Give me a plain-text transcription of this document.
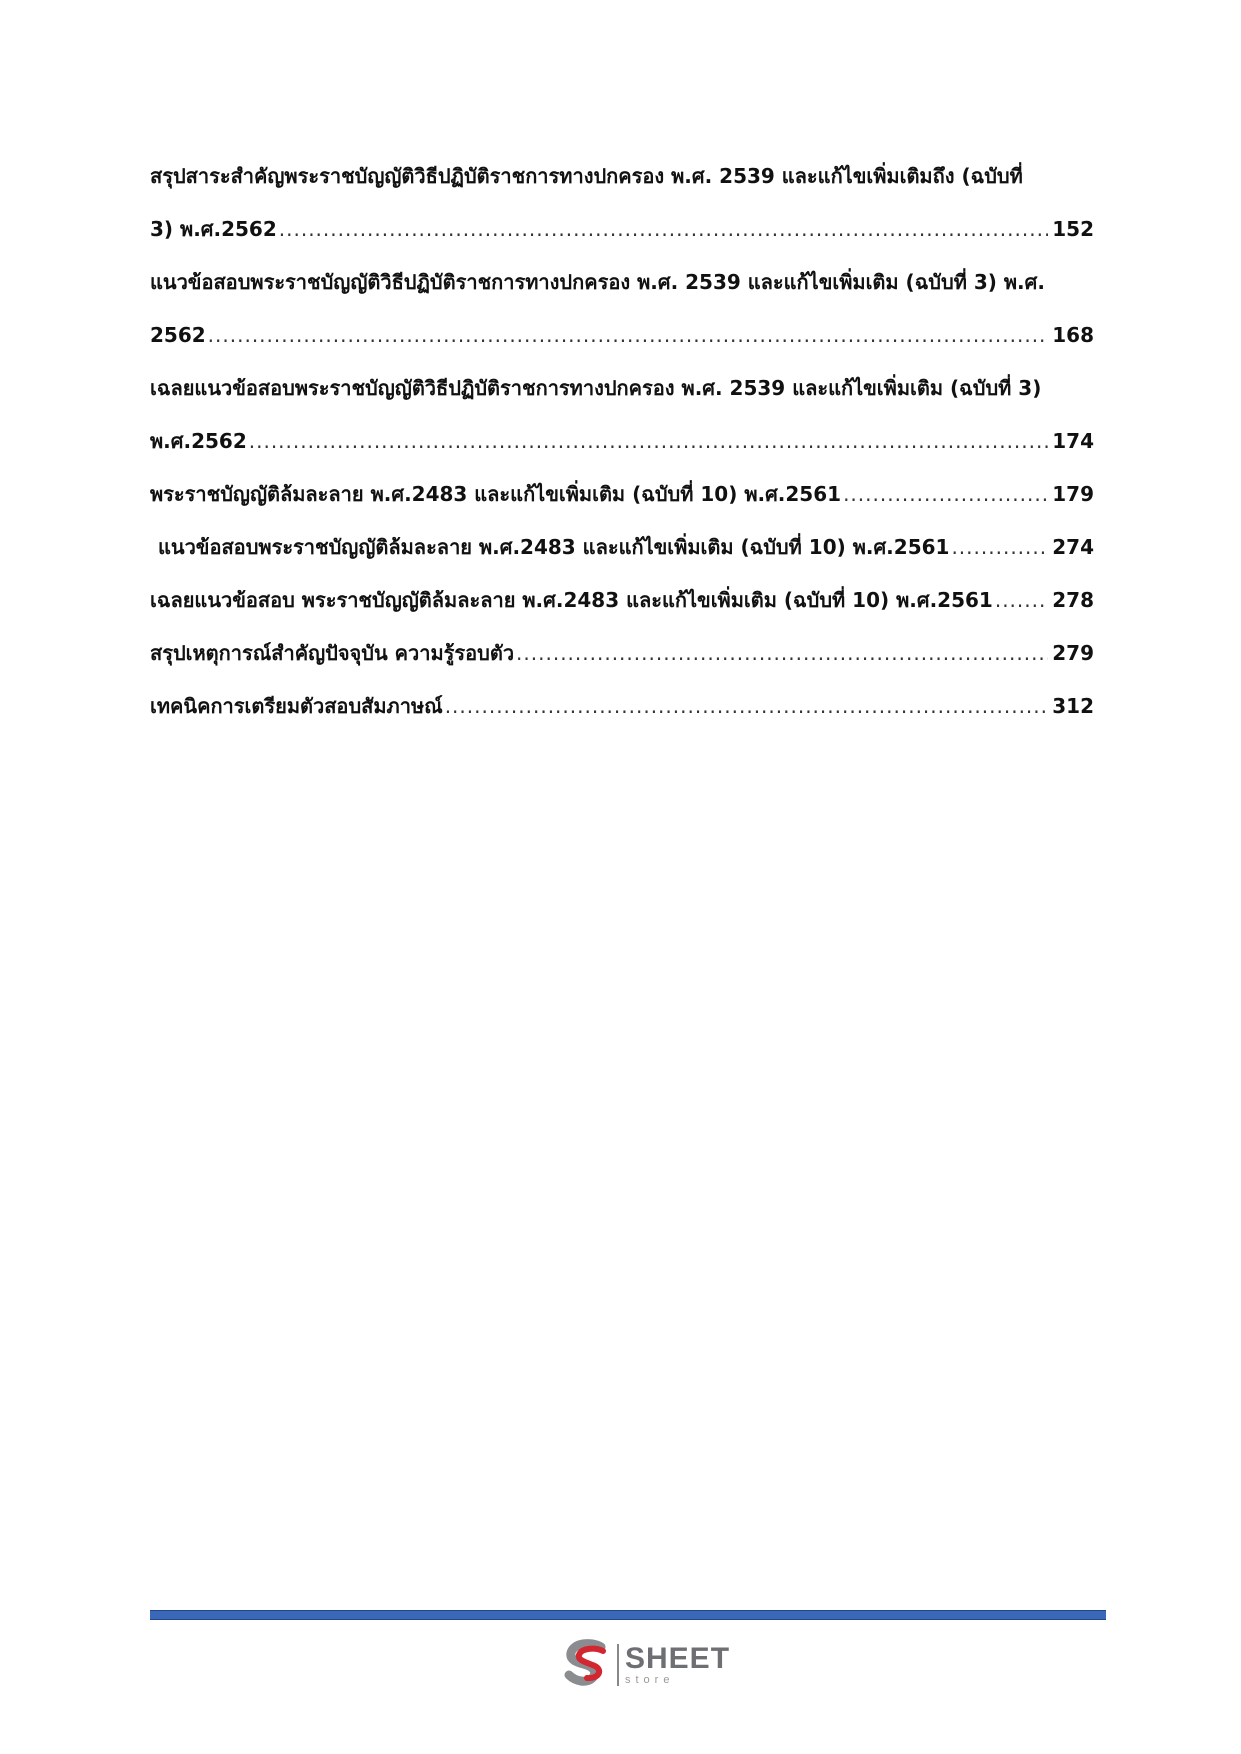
สรุปสาระสำคัญพระราชบัญญัติวิธีปฏิบัติราชการทางปกครอง พ.ศ. 2539 และแก้ไขเพิ่มเติมถึง (ฉบับที่
3) พ.ศ.2562 .....	152
แนวข้อสอบพระราชบัญญัติวิธีปฏิบัติราชการทางปกครอง พ.ศ. 2539 และแก้ไขเพิ่มเติม (ฉบับที่ 3) พ.ศ.
2562 .....	168
เฉลยแนวข้อสอบพระราชบัญญัติวิธีปฏิบัติราชการทางปกครอง พ.ศ. 2539 และแก้ไขเพิ่มเติม (ฉบับที่ 3)
พ.ศ.2562 .....	174
พระราชบัญญัติล้มละลาย พ.ศ.2483 และแก้ไขเพิ่มเติม (ฉบับที่ 10) พ.ศ.2561 .....	179
แนวข้อสอบพระราชบัญญัติล้มละลาย พ.ศ.2483 และแก้ไขเพิ่มเติม (ฉบับที่ 10) พ.ศ.2561 .....	274
เฉลยแนวข้อสอบ พระราชบัญญัติล้มละลาย พ.ศ.2483 และแก้ไขเพิ่มเติม (ฉบับที่ 10) พ.ศ.2561 .....	278
สรุปเหตุการณ์สำคัญปัจจุบัน ความรู้รอบตัว .....	279
เทคนิคการเตรียมตัวสอบสัมภาษณ์ .....	312
SHEET
store
